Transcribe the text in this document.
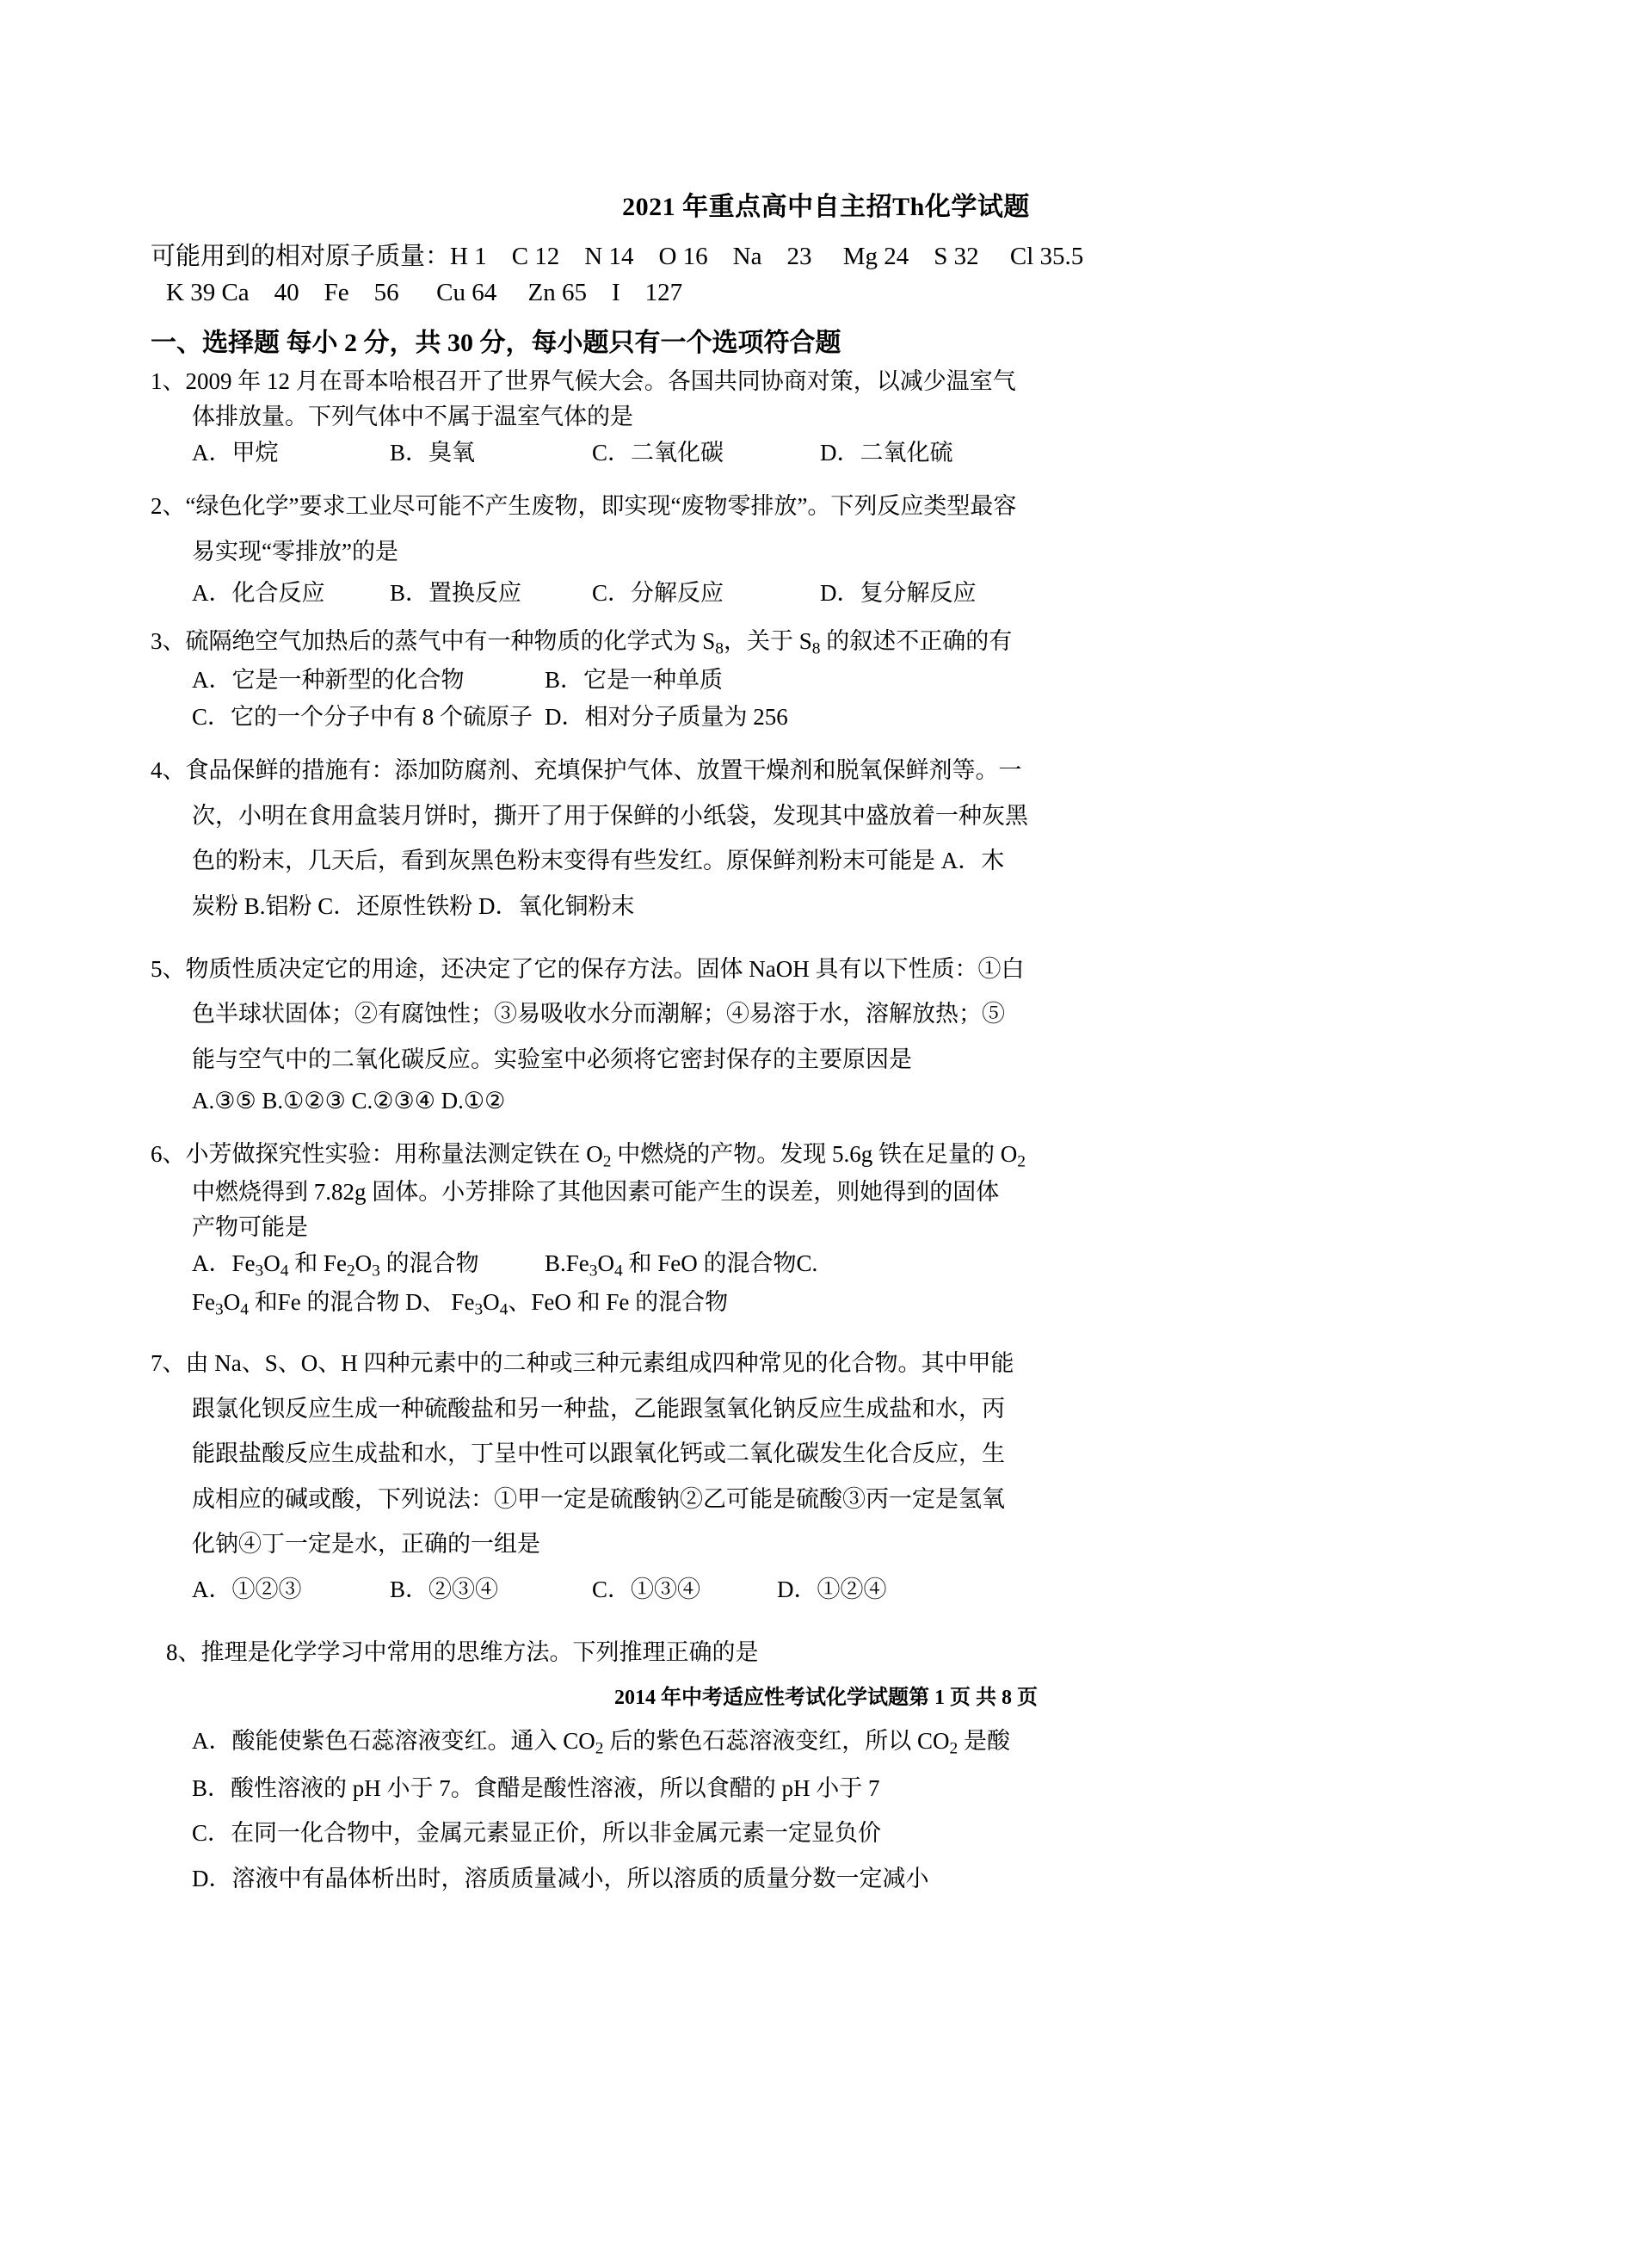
2021 年重点高中自主招Th化学试题
可能用到的相对原子质量：H 1    C 12    N 14    O 16    Na    23     Mg 24    S 32     Cl 35.5
K 39 Ca    40    Fe    56      Cu 64     Zn 65    I    127
一、选择题 每小 2 分，共 30 分，每小题只有一个选项符合题
1、2009 年 12 月在哥本哈根召开了世界气候大会。各国共同协商对策，以减少温室气
体排放量。下列气体中不属于温室气体的是
A．甲烷	B．臭氧	C．二氧化碳	D．二氧化硫
2、“绿色化学”要求工业尽可能不产生废物，即实现“废物零排放”。下列反应类型最容
易实现“零排放”的是
A．化合反应	B．置换反应	C．分解反应	D．复分解反应
3、硫隔绝空气加热后的蒸气中有一种物质的化学式为 $S_8$，关于 $S_8$ 的叙述不正确的有
A．它是一种新型的化合物	B．它是一种单质
C．它的一个分子中有 8 个硫原子 D．相对分子质量为 256
4、食品保鲜的措施有：添加防腐剂、充填保护气体、放置干燥剂和脱氧保鲜剂等。一
次，小明在食用盒装月饼时，撕开了用于保鲜的小纸袋，发现其中盛放着一种灰黑
色的粉末，几天后，看到灰黑色粉末变得有些发红。原保鲜剂粉末可能是 A．木
炭粉 B.铝粉 C．还原性铁粉 D．氧化铜粉末
5、物质性质决定它的用途，还决定了它的保存方法。固体 NaOH 具有以下性质：①白
色半球状固体；②有腐蚀性；③易吸收水分而潮解；④易溶于水，溶解放热；⑤
能与空气中的二氧化碳反应。实验室中必须将它密封保存的主要原因是
A.③⑤ B.①②③ C.②③④ D.①②
6、小芳做探究性实验：用称量法测定铁在 $O_2$ 中燃烧的产物。发现 5.6g 铁在足量的 $O_2$
中燃烧得到 7.82g 固体。小芳排除了其他因素可能产生的误差，则她得到的固体
产物可能是
A．$Fe_3O_4$ 和 $Fe_2O_3$ 的混合物	$B.Fe_3O_4$ 和 FeO 的混合物C.
$Fe_3O_4$ 和Fe 的混合物 D、 $Fe_3O_4$、FeO 和 Fe 的混合物
7、由 Na、S、O、H 四种元素中的二种或三种元素组成四种常见的化合物。其中甲能
跟氯化钡反应生成一种硫酸盐和另一种盐，乙能跟氢氧化钠反应生成盐和水，丙
能跟盐酸反应生成盐和水，丁呈中性可以跟氧化钙或二氧化碳发生化合反应，生
成相应的碱或酸，下列说法：①甲一定是硫酸钠②乙可能是硫酸③丙一定是氢氧
化钠④丁一定是水，正确的一组是
A．①②③	B．②③④	C．①③④	D．①②④
8、推理是化学学习中常用的思维方法。下列推理正确的是
2014 年中考适应性考试化学试题第 1 页 共 8 页
A．酸能使紫色石蕊溶液变红。通入 $CO_2$ 后的紫色石蕊溶液变红，所以 $CO_2$ 是酸
B．酸性溶液的 pH 小于 7。食醋是酸性溶液，所以食醋的 pH 小于 7
C．在同一化合物中，金属元素显正价，所以非金属元素一定显负价
D．溶液中有晶体析出时，溶质质量减小，所以溶质的质量分数一定减小
